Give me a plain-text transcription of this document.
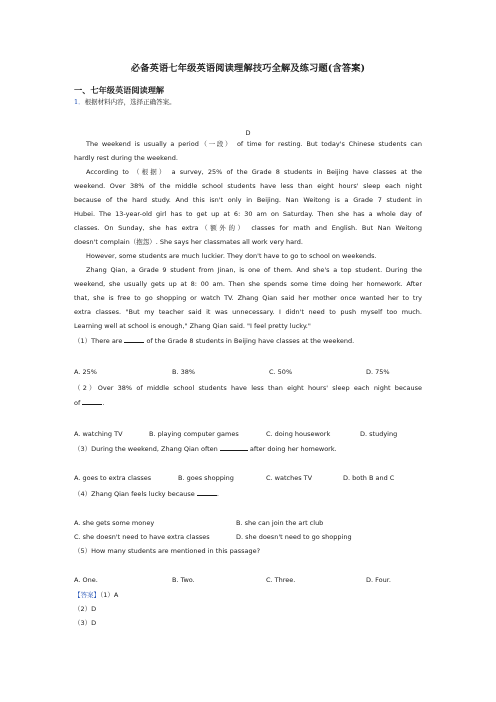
必备英语七年级英语阅读理解技巧全解及练习题(含答案)
一、七年级英语阅读理解
1．根据材料内容，选择正确答案。
D
The weekend is usually a period（一段） of time for resting. But today's Chinese students can
hardly rest during the weekend.
According to （根据） a survey, 25% of the Grade 8 students in Beijing have classes at the
weekend. Over 38% of the middle school students have less than eight hours' sleep each night
because of the hard study. And this isn't only in Beijing. Nan Weitong is a Grade 7 student in
Hubei. The 13-year-old girl has to get up at 6: 30 am on Saturday. Then she has a whole day of
classes. On Sunday, she has extra（额外的） classes for math and English. But Nan Weitong
doesn't complain（抱怨）. She says her classmates all work very hard.
However, some students are much luckier. They don't have to go to school on weekends.
Zhang Qian, a Grade 9 student from Jinan, is one of them. And she's a top student. During the
weekend, she usually gets up at 8: 00 am. Then she spends some time doing her homework. After
that, she is free to go shopping or watch TV. Zhang Qian said her mother once wanted her to try
extra classes. "But my teacher said it was unnecessary. I didn't need to push myself too much.
Learning well at school is enough," Zhang Qian said. "I feel pretty lucky."
（1）There are	of the Grade 8 students in Beijing have classes at the weekend.
A. 25%	B. 38%	C. 50%	D. 75%
（2）Over 38% of middle school students have less than eight hours' sleep each night because
of	.
A. watching TV	B. playing computer games	C. doing housework	D. studying
（3）During the weekend, Zhang Qian often	after doing her homework.
A. goes to extra classes	B. goes shopping	C. watches TV	D. both B and C
（4）Zhang Qian feels lucky because	.
A. she gets some money	B. she can join the art club
C. she doesn't need to have extra classes	D. she doesn't need to go shopping
（5）How many students are mentioned in this passage?
A. One.	B. Two.	C. Three.	D. Four.
【答案】（1）A
（2）D
（3）D
